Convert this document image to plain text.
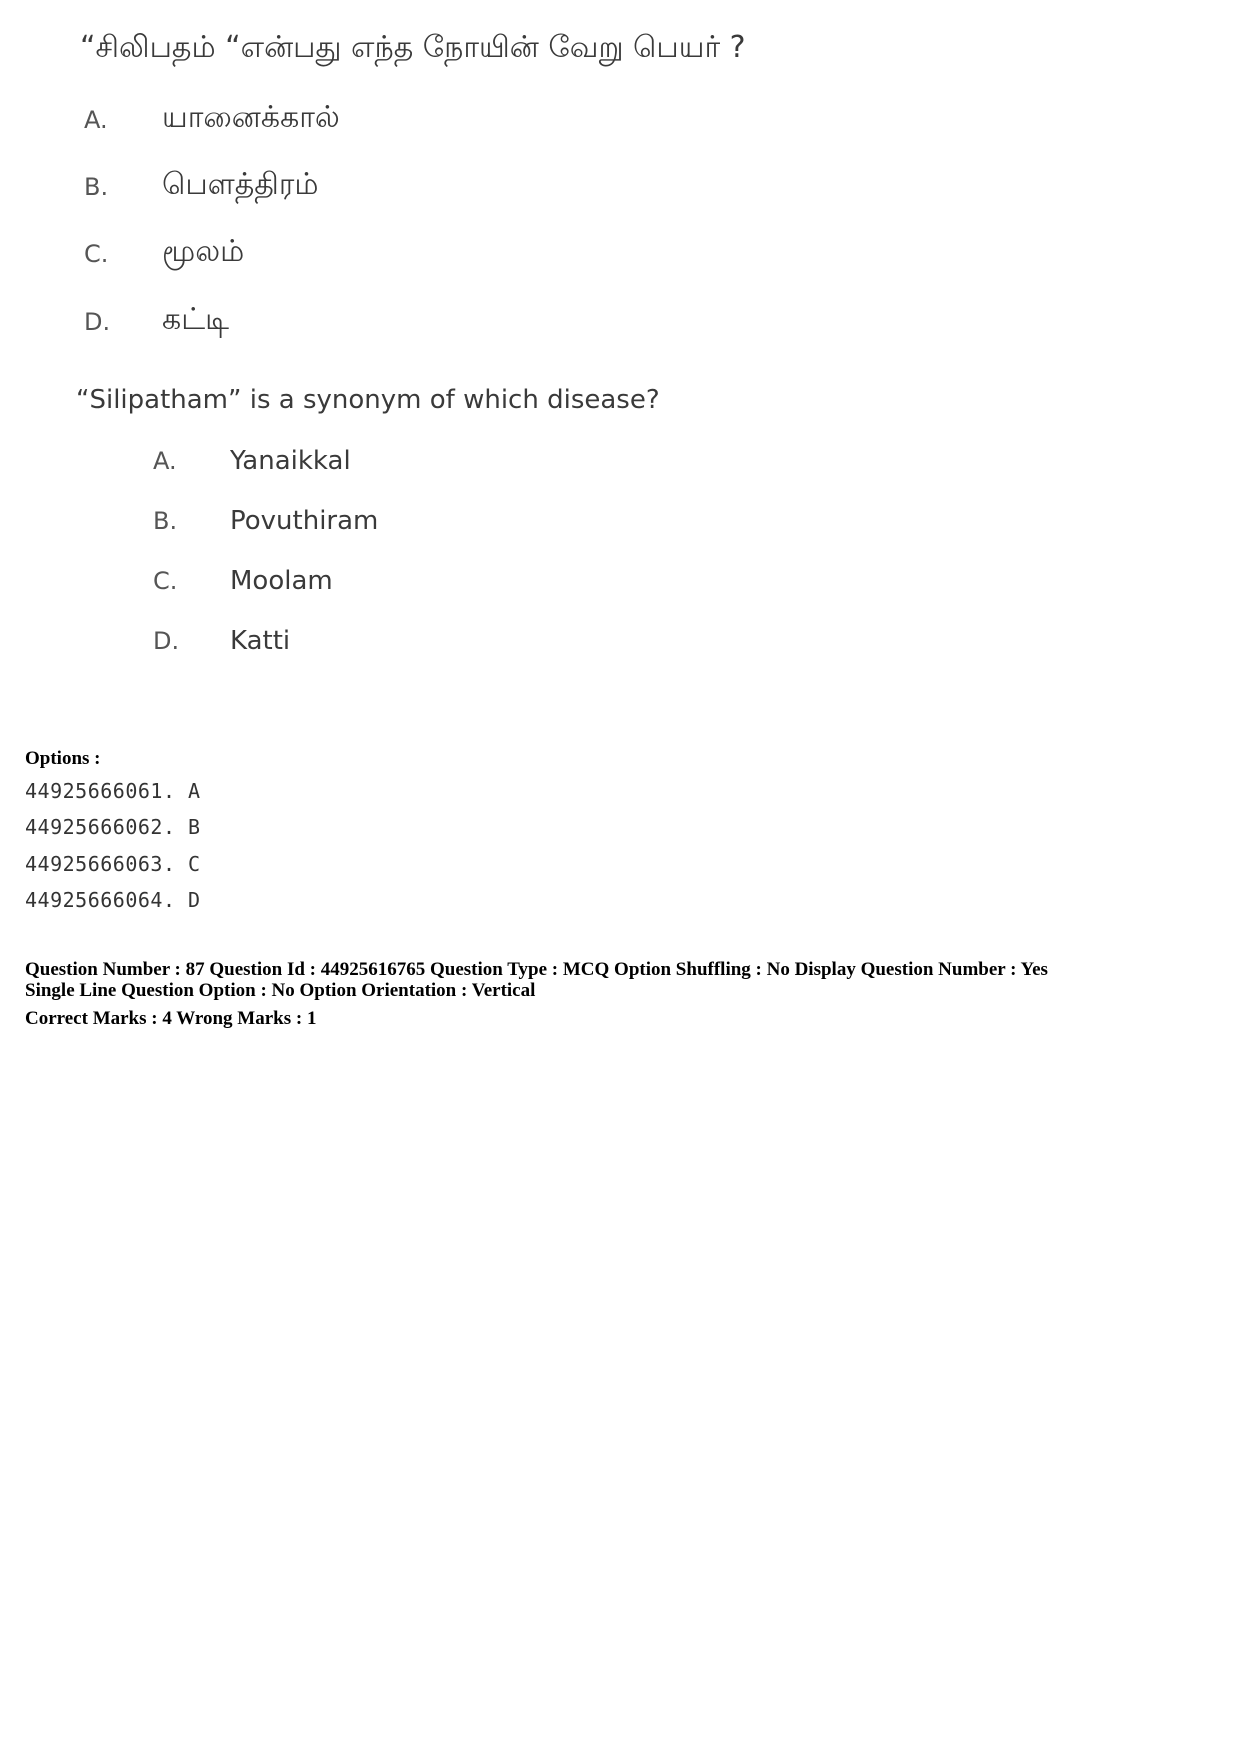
“சிலிபதம் “என்பது எந்த நோயின் வேறு பெயர் ?
A.	யானைக்கால்
B.	பௌத்திரம்
C.	மூலம்
D.	கட்டி
“Silipatham” is a synonym of which disease?
A.	Yanaikkal
B.	Povuthiram
C.	Moolam
D.	Katti
Options :
44925666061. A
44925666062. B
44925666063. C
44925666064. D
Question Number : 87 Question Id : 44925616765 Question Type : MCQ Option Shuffling : No Display Question Number : Yes
Single Line Question Option : No Option Orientation : Vertical
Correct Marks : 4 Wrong Marks : 1
